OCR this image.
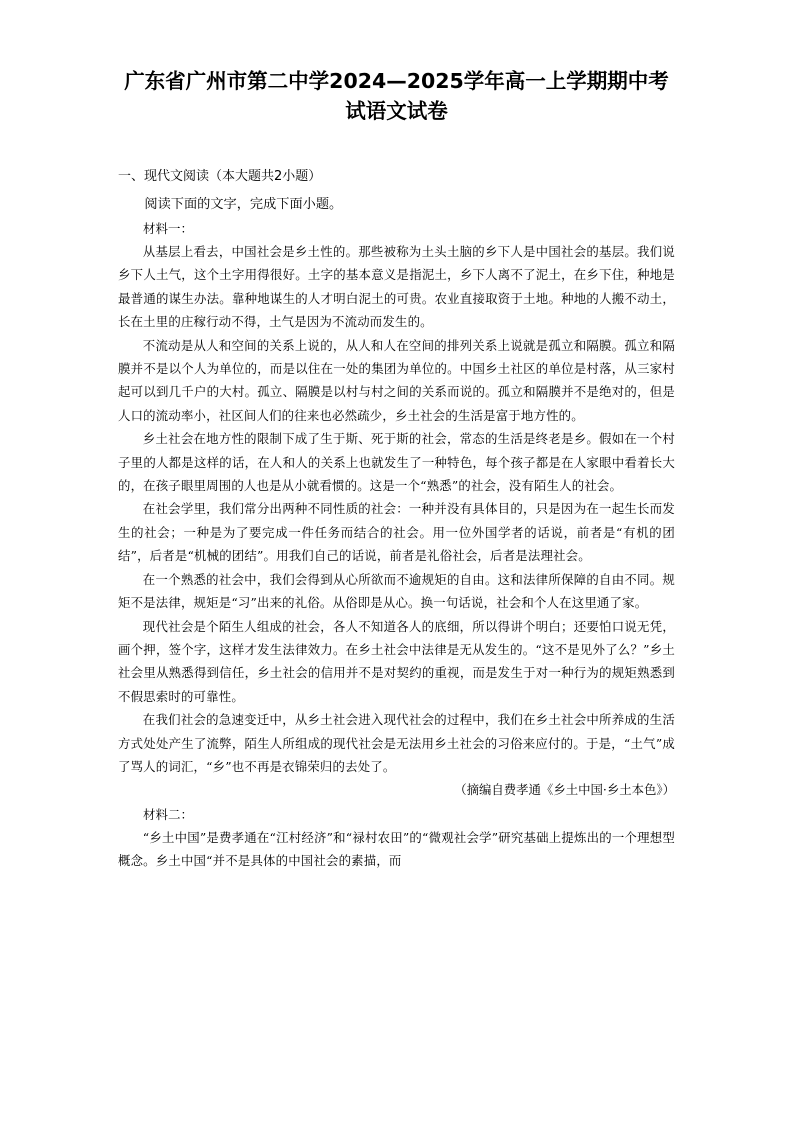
广东省广州市第二中学2024—2025学年高一上学期期中考
试语文试卷
一、现代文阅读（本大题共2小题）
阅读下面的文字，完成下面小题。
材料一：

从基层上看去，中国社会是乡土性的。那些被称为土头土脑的乡下人是中国社会的基层。我们说乡下人土气，这个土字用得很好。土字的基本意义是指泥土，乡下人离不了泥土，在乡下住，种地是最普通的谋生办法。靠种地谋生的人才明白泥土的可贵。农业直接取资于土地。种地的人搬不动土，长在土里的庄稼行动不得，土气是因为不流动而发生的。

不流动是从人和空间的关系上说的，从人和人在空间的排列关系上说就是孤立和隔膜。孤立和隔膜并不是以个人为单位的，而是以住在一处的集团为单位的。中国乡土社区的单位是村落，从三家村起可以到几千户的大村。孤立、隔膜是以村与村之间的关系而说的。孤立和隔膜并不是绝对的，但是人口的流动率小，社区间人们的往来也必然疏少，乡土社会的生活是富于地方性的。

乡土社会在地方性的限制下成了生于斯、死于斯的社会，常态的生活是终老是乡。假如在一个村子里的人都是这样的话，在人和人的关系上也就发生了一种特色，每个孩子都是在人家眼中看着长大的，在孩子眼里周围的人也是从小就看惯的。这是一个“熟悉”的社会，没有陌生人的社会。

在社会学里，我们常分出两种不同性质的社会：一种并没有具体目的，只是因为在一起生长而发生的社会；一种是为了要完成一件任务而结合的社会。用一位外国学者的话说，前者是“有机的团结”，后者是“机械的团结”。用我们自己的话说，前者是礼俗社会，后者是法理社会。

在一个熟悉的社会中，我们会得到从心所欲而不逾规矩的自由。这和法律所保障的自由不同。规矩不是法律，规矩是“习”出来的礼俗。从俗即是从心。换一句话说，社会和个人在这里通了家。

现代社会是个陌生人组成的社会，各人不知道各人的底细，所以得讲个明白；还要怕口说无凭，画个押，签个字，这样才发生法律效力。在乡土社会中法律是无从发生的。“这不是见外了么？”乡土社会里从熟悉得到信任，乡土社会的信用并不是对契约的重视，而是发生于对一种行为的规矩熟悉到不假思索时的可靠性。

在我们社会的急速变迁中，从乡土社会进入现代社会的过程中，我们在乡土社会中所养成的生活方式处处产生了流弊，陌生人所组成的现代社会是无法用乡土社会的习俗来应付的。于是，“土气”成了骂人的词汇，“乡”也不再是衣锦荣归的去处了。

（摘编自费孝通《乡土中国·乡土本色》）

材料二：

“乡土中国”是费孝通在“江村经济”和“禄村农田”的“微观社会学”研究基础上提炼出的一个理想型概念。乡土中国“并不是具体的中国社会的素描，而
